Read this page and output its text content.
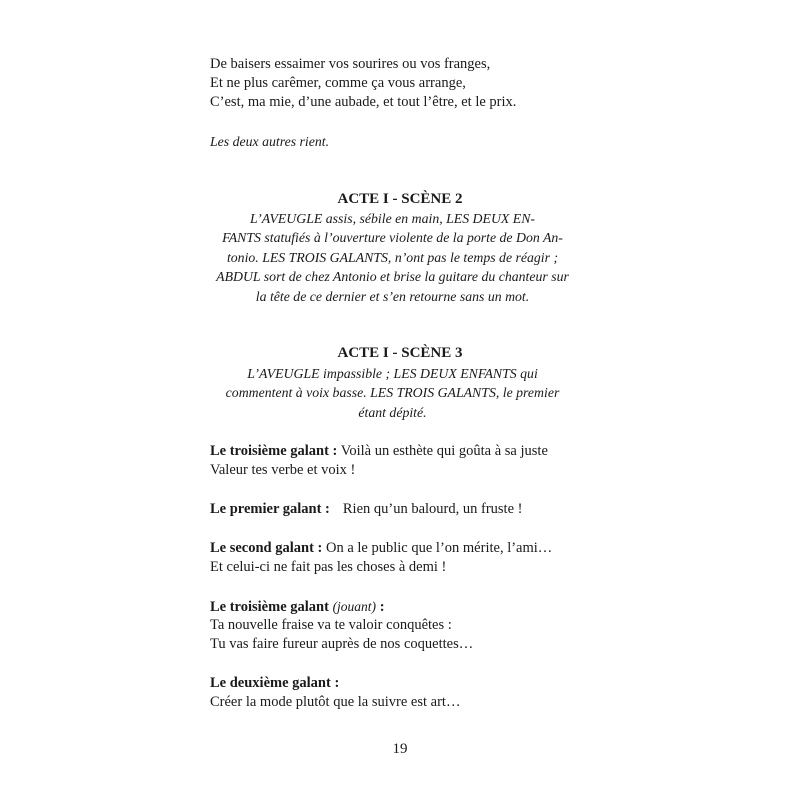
De baisers essaimer vos sourires ou vos franges,
Et ne plus carêmer, comme ça vous arrange,
C’est, ma mie, d’une aubade, et tout l’être, et le prix.
Les deux autres rient.
ACTE I - SCÈNE 2
L’AVEUGLE assis, sébile en main, LES DEUX EN-
FANTS statufiés à l’ouverture violente de la porte de Don An-
tonio. LES TROIS GALANTS, n’ont pas le temps de réagir ;
ABDUL sort de chez Antonio et brise la guitare du chanteur sur
la tête de ce dernier et s’en retourne sans un mot.
ACTE I - SCÈNE 3
L’AVEUGLE impassible ; LES DEUX ENFANTS qui
commentent à voix basse. LES TROIS GALANTS, le premier
étant dépité.
Le troisième galant : Voilà un esthète qui goûta à sa juste
Valeur tes verbe et voix !
Le premier galant : Rien qu’un balourd, un fruste !
Le second galant : On a le public que l’on mérite, l’ami…
Et celui-ci ne fait pas les choses à demi !
Le troisième galant (jouant) :
Ta nouvelle fraise va te valoir conquêtes :
Tu vas faire fureur auprès de nos coquettes…
Le deuxième galant :
Créer la mode plutôt que la suivre est art…
19
